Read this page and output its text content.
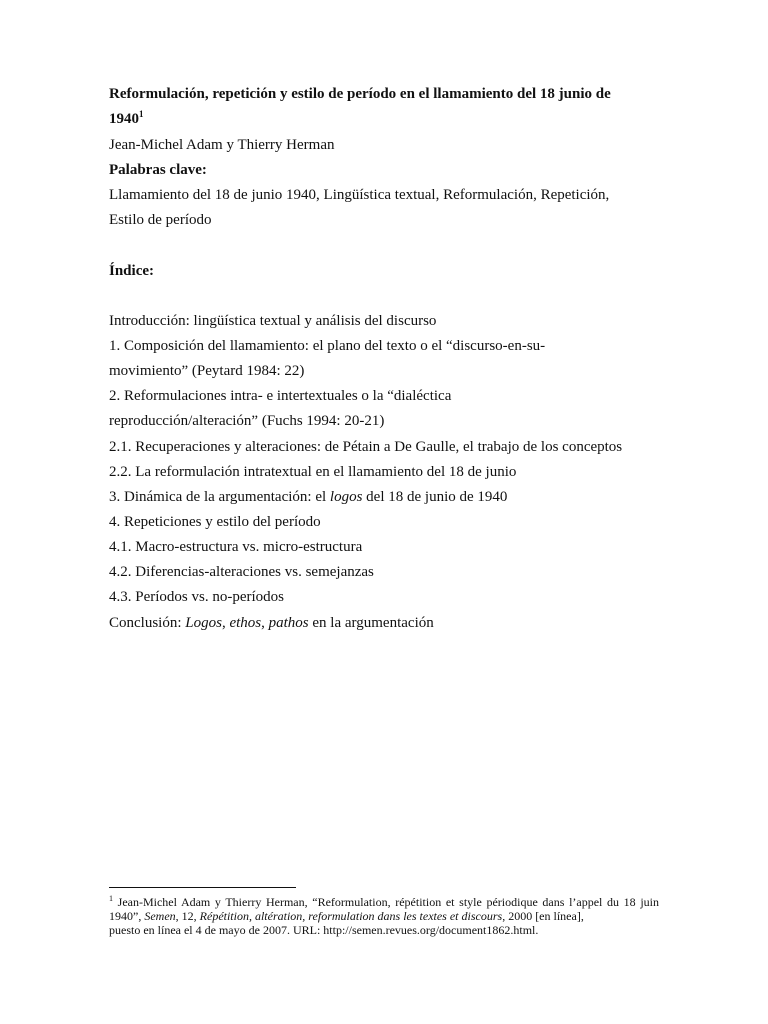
Reformulación, repetición y estilo de período en el llamamiento del 18 junio de
1940$^1$
Jean-Michel Adam y Thierry Herman
Palabras clave:
Llamamiento del 18 de junio 1940, Lingüística textual, Reformulación, Repetición,
Estilo de período
Índice:
Introducción: lingüística textual y análisis del discurso
1. Composición del llamamiento: el plano del texto o el “discurso-en-su-
movimiento” (Peytard 1984: 22)
2. Reformulaciones intra- e intertextuales o la “dialéctica
reproducción/alteración” (Fuchs 1994: 20-21)
2.1. Recuperaciones y alteraciones: de Pétain a De Gaulle, el trabajo de los conceptos
2.2. La reformulación intratextual en el llamamiento del 18 de junio
3. Dinámica de la argumentación: el logos del 18 de junio de 1940
4. Repeticiones y estilo del período
4.1. Macro-estructura vs. micro-estructura
4.2. Diferencias-alteraciones vs. semejanzas
4.3. Períodos vs. no-períodos
Conclusión: Logos, ethos, pathos en la argumentación
$^1$ Jean-Michel Adam y Thierry Herman, “Reformulation, répétition et style périodique dans l’appel du 18 juin 1940”, Semen, 12, Répétition, altération, reformulation dans les textes et discours, 2000 [en línea],
puesto en línea el 4 de mayo de 2007. URL: http://semen.revues.org/document1862.html.
